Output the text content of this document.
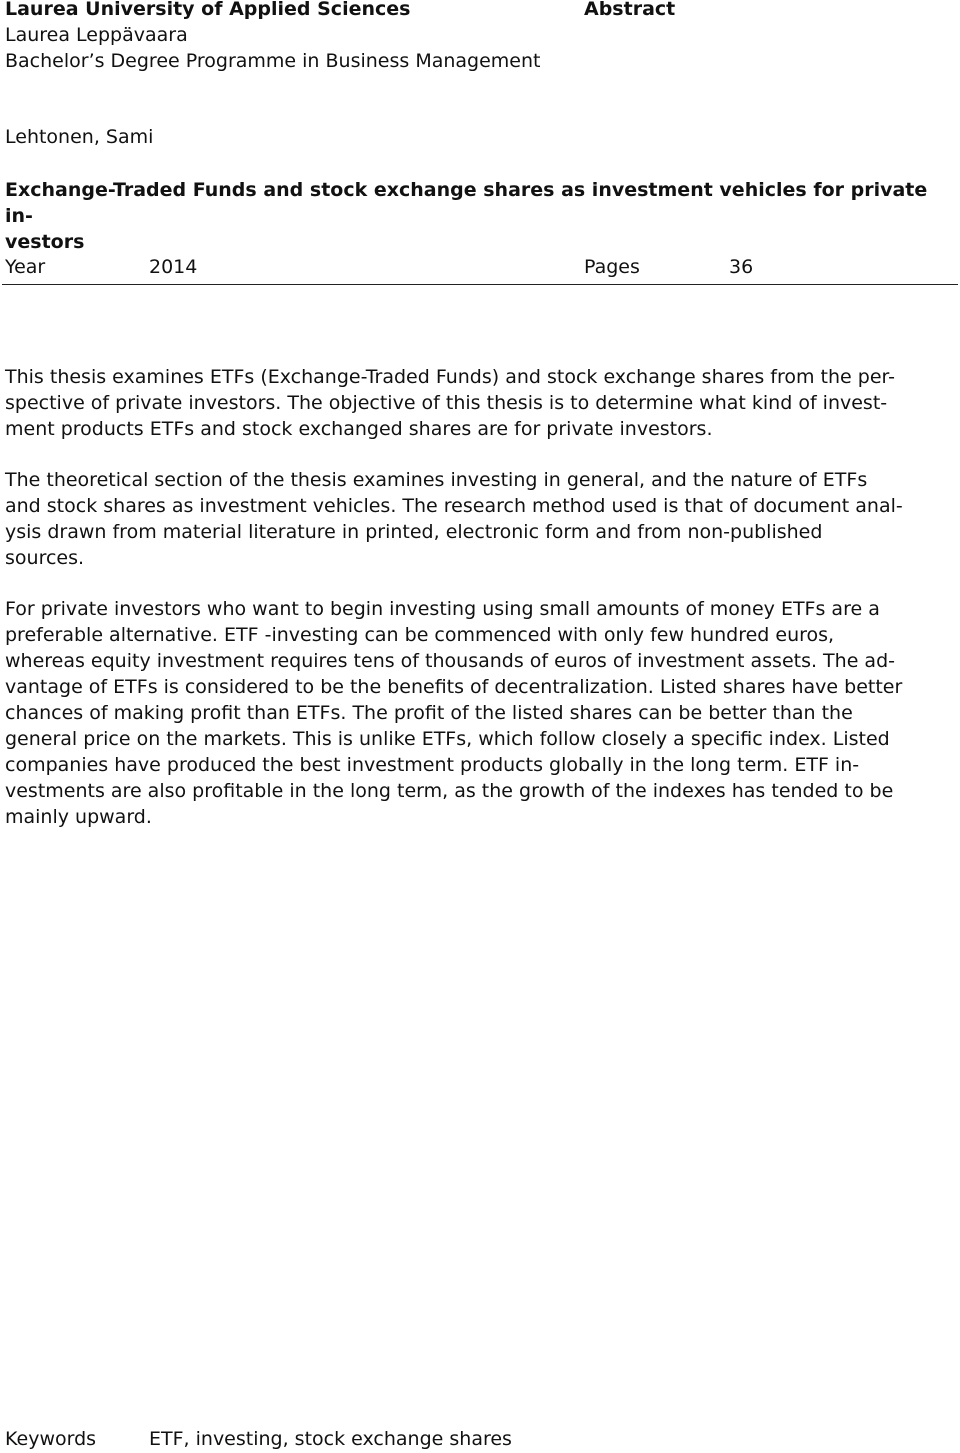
Laurea University of Applied Sciences
Laurea Leppävaara
Bachelor’s Degree Programme in Business Management
Abstract
Lehtonen, Sami
Exchange-Traded Funds and stock exchange shares as investment vehicles for private in-
vestors
Year	2014	Pages	36
This thesis examines ETFs (Exchange-Traded Funds) and stock exchange shares from the per-
spective of private investors. The objective of this thesis is to determine what kind of invest-
ment products ETFs and stock exchanged shares are for private investors.
The theoretical section of the thesis examines investing in general, and the nature of ETFs
and stock shares as investment vehicles. The research method used is that of document anal-
ysis drawn from material literature in printed, electronic form and from non-published
sources.
For private investors who want to begin investing using small amounts of money ETFs are a
preferable alternative. ETF -investing can be commenced with only few hundred euros,
whereas equity investment requires tens of thousands of euros of investment assets. The ad-
vantage of ETFs is considered to be the benefits of decentralization. Listed shares have better
chances of making profit than ETFs. The profit of the listed shares can be better than the
general price on the markets. This is unlike ETFs, which follow closely a specific index. Listed
companies have produced the best investment products globally in the long term. ETF in-
vestments are also profitable in the long term, as the growth of the indexes has tended to be
mainly upward.
Keywords	ETF, investing, stock exchange shares
